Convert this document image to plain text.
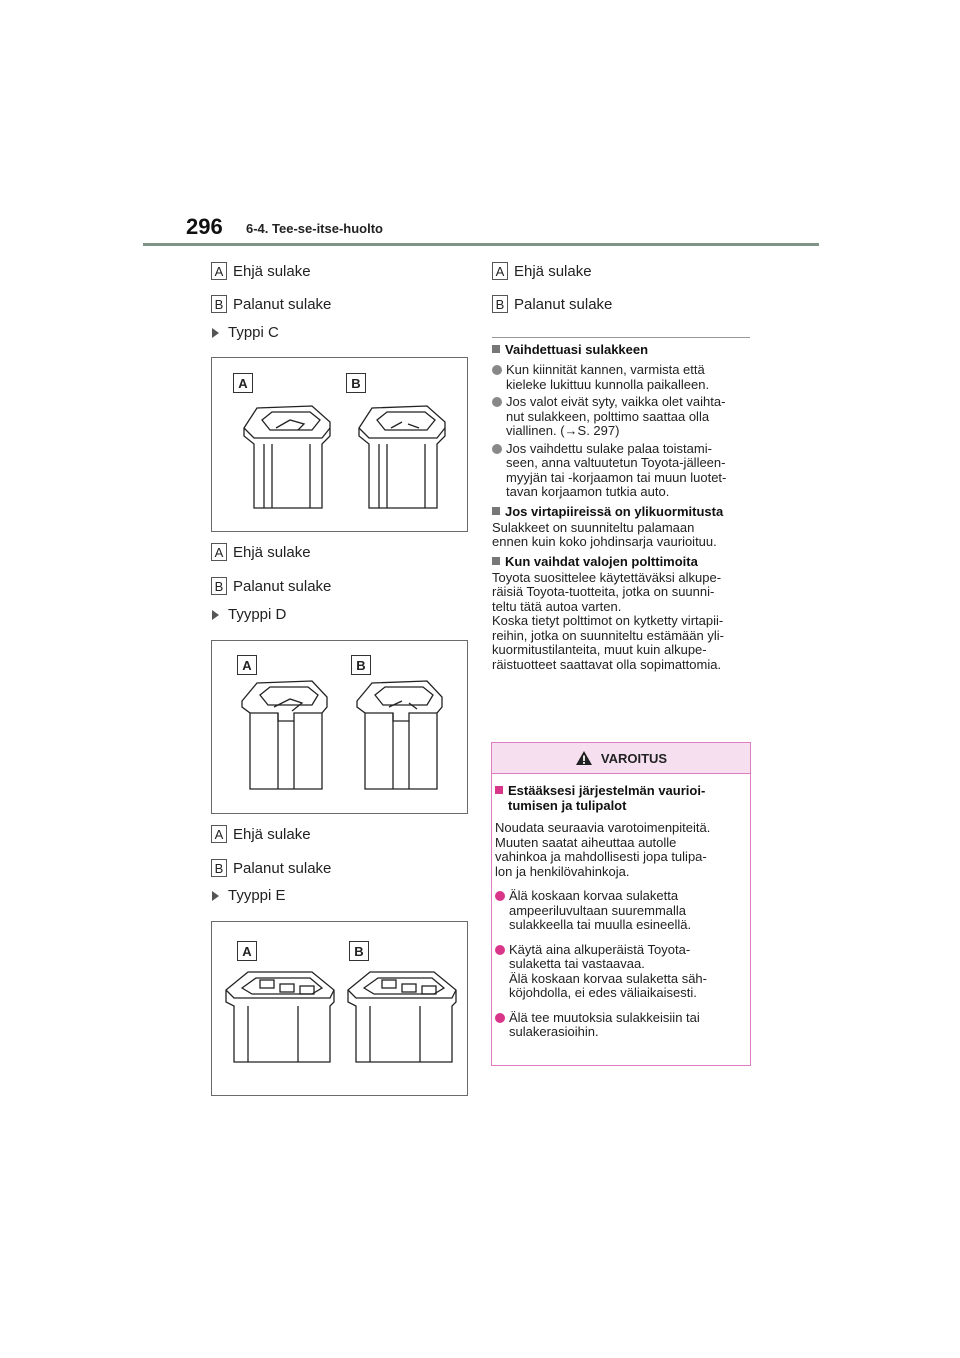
296 6-4. Tee-se-itse-huolto
A Ehjä sulake
B Palanut sulake
Typpi C
A	B
A Ehjä sulake
B Palanut sulake
Tyyppi D
A	B
A Ehjä sulake
B Palanut sulake
Tyyppi E
A	B
A Ehjä sulake
B Palanut sulake
Vaihdettuasi sulakkeen
Kun kiinnität kannen, varmista että
kieleke lukittuu kunnolla paikalleen.
Jos valot eivät syty, vaikka olet vaihta-
nut sulakkeen, polttimo saattaa olla
viallinen. (→S. 297)
Jos vaihdettu sulake palaa toistami-
seen, anna valtuutetun Toyota-jälleen-
myyjän tai -korjaamon tai muun luotet-
tavan korjaamon tutkia auto.
Jos virtapiireissä on ylikuormitusta
Sulakkeet on suunniteltu palamaan
ennen kuin koko johdinsarja vaurioituu.
Kun vaihdat valojen polttimoita
Toyota suosittelee käytettäväksi alkupe-
räisiä Toyota-tuotteita, jotka on suunni-
teltu tätä autoa varten.
Koska tietyt polttimot on kytketty virtapii-
reihin, jotka on suunniteltu estämään yli-
kuormitustilanteita, muut kuin alkupe-
räistuotteet saattavat olla sopimattomia.
VAROITUS
Estääksesi järjestelmän vaurioi-
tumisen ja tulipalot
Noudata seuraavia varotoimenpiteitä.
Muuten saatat aiheuttaa autolle
vahinkoa ja mahdollisesti jopa tulipa-
lon ja henkilövahinkoja.
Älä koskaan korvaa sulaketta
ampeeriluvultaan suuremmalla
sulakkeella tai muulla esineellä.
Käytä aina alkuperäistä Toyota-
sulaketta tai vastaavaa.
Älä koskaan korvaa sulaketta säh-
köjohdolla, ei edes väliaikaisesti.
Älä tee muutoksia sulakkeisiin tai
sulakerasioihin.
